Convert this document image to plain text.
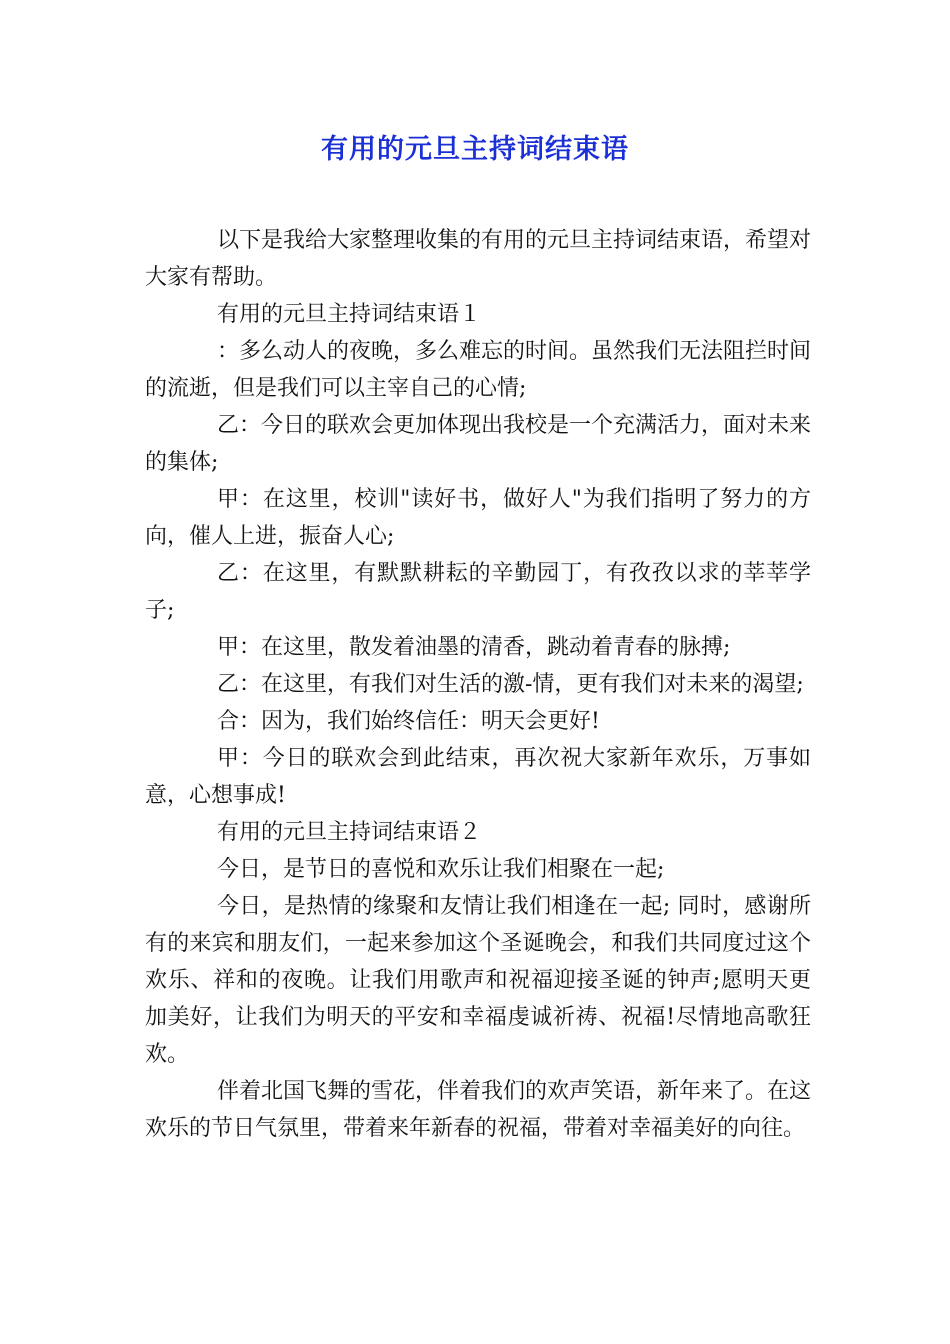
有用的元旦主持词结束语

以下是我给大家整理收集的有用的元旦主持词结束语，希望对大家有帮助。

有用的元旦主持词结束语１

：多么动人的夜晚，多么难忘的时间。虽然我们无法阻拦时间的流逝，但是我们可以主宰自己的心情;

乙：今日的联欢会更加体现出我校是一个充满活力，面对未来的集体;

甲：在这里，校训"读好书，做好人"为我们指明了努力的方向，催人上进，振奋人心;

乙：在这里，有默默耕耘的辛勤园丁，有孜孜以求的莘莘学子;

甲：在这里，散发着油墨的清香，跳动着青春的脉搏;

乙：在这里，有我们对生活的激-情，更有我们对未来的渴望;

合：因为，我们始终信任：明天会更好!

甲：今日的联欢会到此结束，再次祝大家新年欢乐，万事如意，心想事成!

有用的元旦主持词结束语２

今日，是节日的喜悦和欢乐让我们相聚在一起;

今日，是热情的缘聚和友情让我们相逢在一起; 同时，感谢所有的来宾和朋友们，一起来参加这个圣诞晚会，和我们共同度过这个欢乐、祥和的夜晚。让我们用歌声和祝福迎接圣诞的钟声;愿明天更加美好，让我们为明天的平安和幸福虔诚祈祷、祝福!尽情地高歌狂欢。

伴着北国飞舞的雪花，伴着我们的欢声笑语，新年来了。在这欢乐的节日气氛里，带着来年新春的祝福，带着对幸福美好的向往。
